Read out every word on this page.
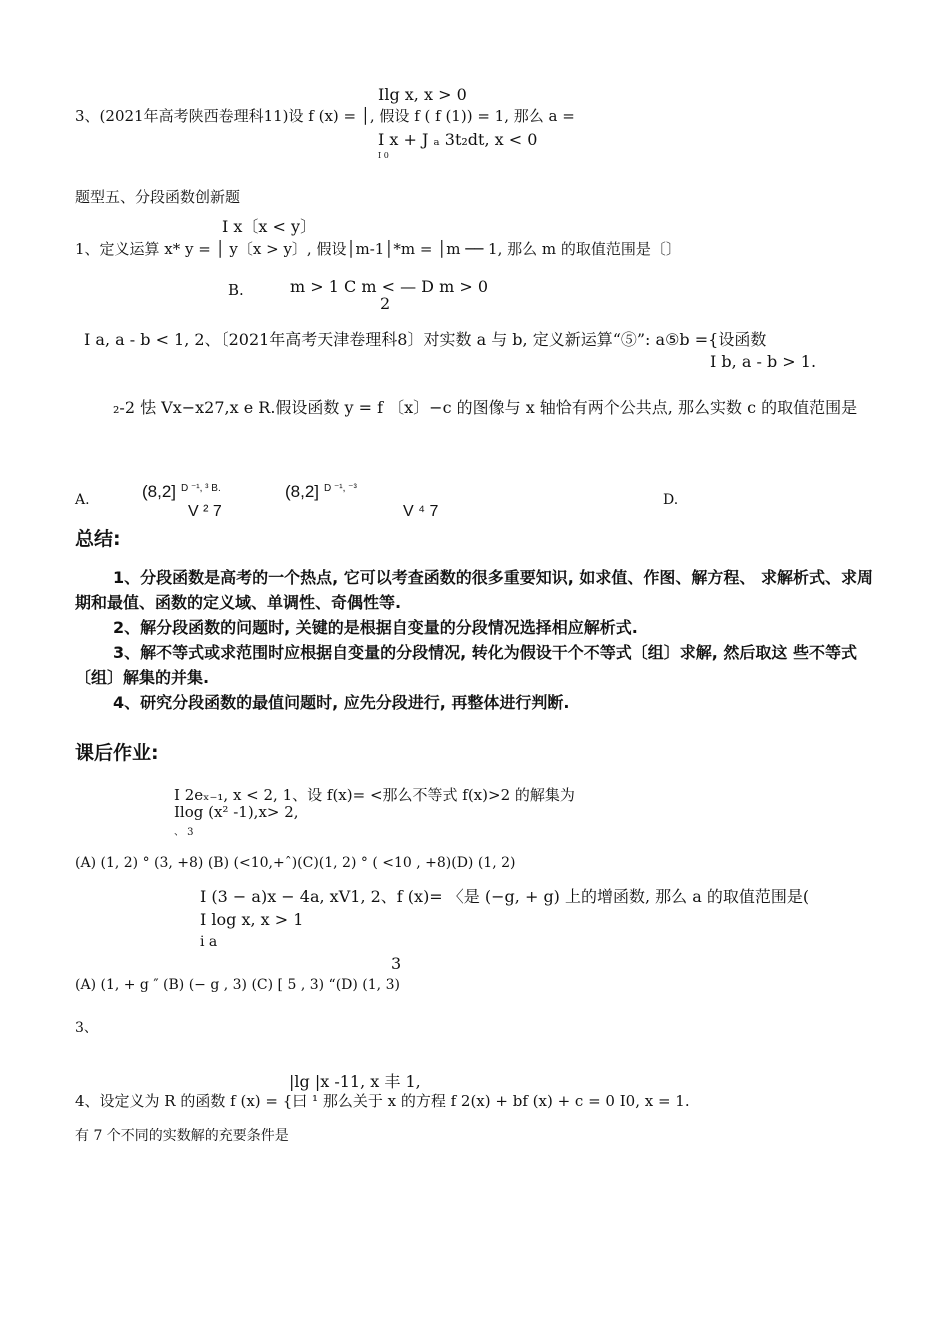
Ilg x, x > 0
3、(2021年高考陕西卷理科11)设 f (x) = │, 假设 f ( f (1)) = 1, 那么 a =
I x + J ₐ 3t₂dt, x < 0
I 0
题型五、分段函数创新题
I x〔x < y〕
1、定义运算 x* y = │ y〔x > y〕, 假设│m-1│*m = │m ── 1, 那么 m 的取值范围是〔〕
B.	m > 1 C m < — D m > 0
2
I a, a - b < 1, 2、〔2021年高考天津卷理科8〕对实数 a 与 b, 定义新运算“⑤”: a⑤b ={设函数
I b, a - b > 1.
₂-2 怯 Vx−x27,x e R.假设函数 y = f 〔x〕−c 的图像与 x 轴恰有两个公共点, 那么实数 c 的取值范围是
A.	(8,2] D ⁻¹, ³ B.
V ² 7
(8,2] D ⁻¹, ⁻³
V ⁴ 7
D.
总结:
1、分段函数是高考的一个热点, 它可以考查函数的很多重要知识, 如求值、作图、解方程、 求解析式、求周期和最值、函数的定义域、单调性、奇偶性等.
2、解分段函数的问题时, 关键的是根据自变量的分段情况选择相应解析式.
3、解不等式或求范围时应根据自变量的分段情况, 转化为假设干个不等式〔组〕求解, 然后取这 些不等式〔组〕解集的并集.
4、研究分段函数的最值问题时, 应先分段进行, 再整体进行判断.
课后作业:
I 2eₓ₋₁, x < 2, 1、设 f(x)= <那么不等式 f(x)>2 的解集为
Ilog (x² -1),x> 2,
、 3
(A) (1, 2) ° (3, +8) (B) (<10,+ˆ)(C)(1, 2) ° ( <10 , +8)(D) (1, 2)
I (3 − a)x − 4a, xV1, 2、f (x)= 〈是 (−g, + g) 上的增函数, 那么 a 的取值范围是(
I log x, x > 1
i a
3
(A) (1, + g ″ (B) (− g , 3) (C) [ 5 , 3) “(D) (1, 3)
3、
|lg |x -11, x 丰 1,
4、设定义为 R 的函数 f (x) = {曰 ¹ 那么关于 x 的方程 f 2(x) + bf (x) + c = 0 I0, x = 1.
有 7 个不同的实数解的充要条件是
